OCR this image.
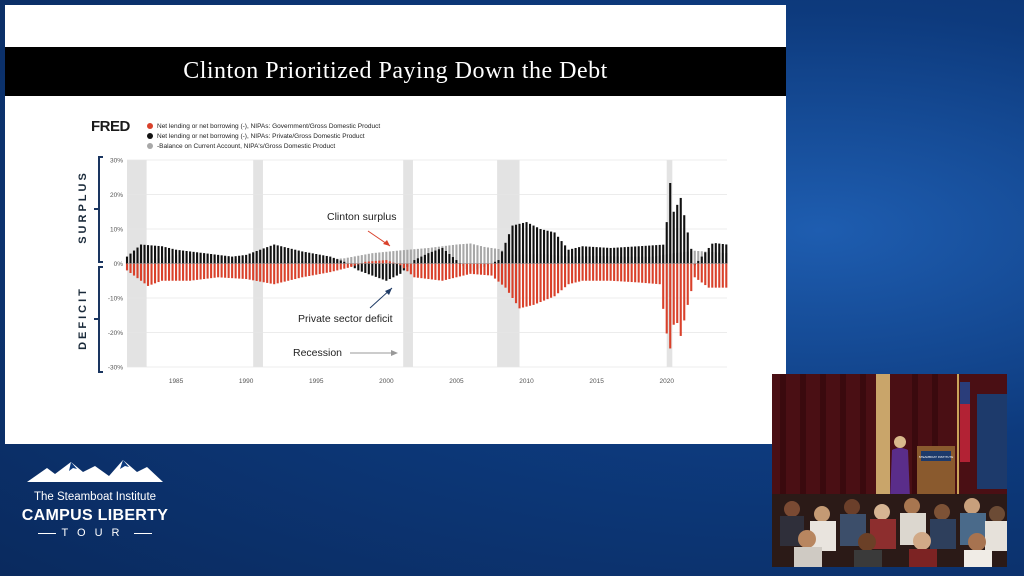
Clinton Prioritized Paying Down the Debt
FRED	Net lending or net borrowing (-), NIPAs: Government/Gross Domestic Product
Net lending or net borrowing (-), NIPAs: Private/Gross Domestic Product
-Balance on Current Account, NIPA's/Gross Domestic Product
30%
20%
10%
0%
-10%
-20%
-30%
1985	1990	1995	2000	2005	2010	2015	2020
Clinton surplus
Private sector deficit
Recession
SURPLUS
DEFICIT
The Steamboat Institute
CAMPUS LIBERTY
TOUR
STEAMBOAT INSTITUTE
